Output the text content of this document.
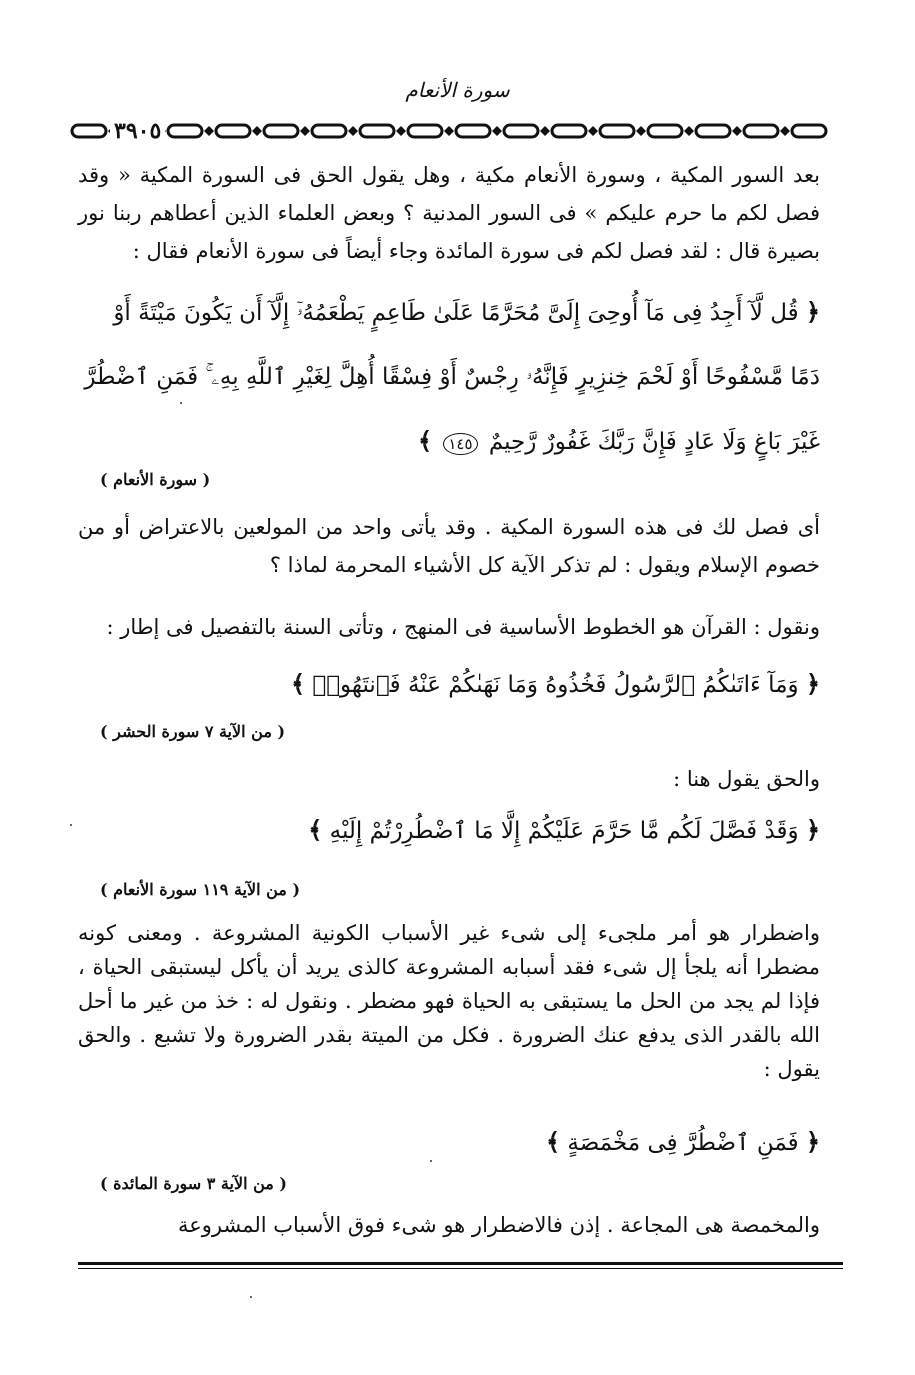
سورة الأنعام
٣٩٠٥
بعد السور المكية ، وسورة الأنعام مكية ، وهل يقول الحق فى السورة المكية « وقد فصل لكم ما حرم عليكم » فى السور المدنية ؟ وبعض العلماء الذين أعطاهم ربنا نور بصيرة قال : لقد فصل لكم فى سورة المائدة وجاء أيضاً فى سورة الأنعام فقال :
﴿ قُل لَّآ أَجِدُ فِى مَآ أُوحِىَ إِلَىَّ مُحَرَّمًا عَلَىٰ طَاعِمٍ يَطْعَمُهُۥٓ إِلَّآ أَن يَكُونَ مَيْتَةً أَوْ دَمًا مَّسْفُوحًا أَوْ لَحْمَ خِنزِيرٍ فَإِنَّهُۥ رِجْسٌ أَوْ فِسْقًا أُهِلَّ لِغَيْرِ ٱللَّهِ بِهِۦ ۚ فَمَنِ ٱضْطُرَّ غَيْرَ بَاغٍ وَلَا عَادٍ فَإِنَّ رَبَّكَ غَفُورٌ رَّحِيمٌ ١٤٥ ﴾
( سورة الأنعام )
أى فصل لك فى هذه السورة المكية . وقد يأتى واحد من المولعين بالاعتراض أو من خصوم الإسلام ويقول : لم تذكر الآية كل الأشياء المحرمة لماذا ؟
ونقول : القرآن هو الخطوط الأساسية فى المنهج ، وتأتى السنة بالتفصيل فى إطار :
﴿ وَمَآ ءَاتَىٰكُمُ ٱلرَّسُولُ فَخُذُوهُ وَمَا نَهَىٰكُمْ عَنْهُ فَٱنتَهُوا۟ ﴾
( من الآية ٧ سورة الحشر )
والحق يقول هنا :
﴿ وَقَدْ فَصَّلَ لَكُم مَّا حَرَّمَ عَلَيْكُمْ إِلَّا مَا ٱضْطُرِرْتُمْ إِلَيْهِ ﴾
( من الآية ١١٩ سورة الأنعام )
واضطرار هو أمر ملجىء إلى شىء غير الأسباب الكونية المشروعة . ومعنى كونه مضطرا أنه يلجأ إل شىء فقد أسبابه المشروعة كالذى يريد أن يأكل ليستبقى الحياة ، فإذا لم يجد من الحل ما يستبقى به الحياة فهو مضطر . ونقول له : خذ من غير ما أحل الله بالقدر الذى يدفع عنك الضرورة . فكل من الميتة بقدر الضرورة ولا تشبع . والحق يقول :
﴿ فَمَنِ ٱضْطُرَّ فِى مَخْمَصَةٍ ﴾
( من الآية ٣ سورة المائدة )
والمخمصة هى المجاعة . إذن فالاضطرار هو شىء فوق الأسباب المشروعة
